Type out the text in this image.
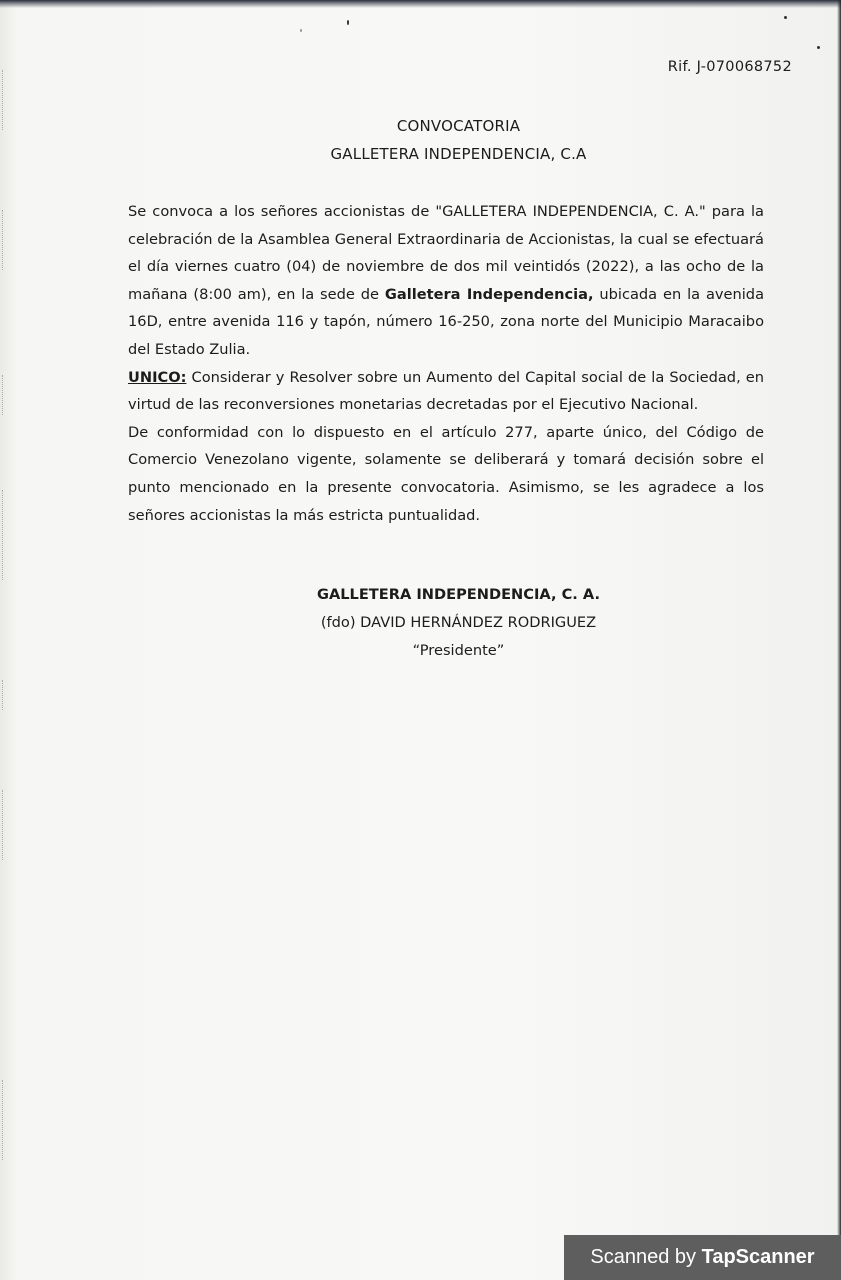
Rif. J-070068752
CONVOCATORIA
GALLETERA INDEPENDENCIA, C.A

Se convoca a los señores accionistas de "GALLETERA INDEPENDENCIA, C. A." para la celebración de la Asamblea General Extraordinaria de Accionistas, la cual se efectuará el día viernes cuatro (04) de noviembre de dos mil veintidós (2022), a las ocho de la mañana (8:00 am), en la sede de Galletera Independencia, ubicada en la avenida 16D, entre avenida 116 y tapón, número 16-250, zona norte del Municipio Maracaibo del Estado Zulia.

UNICO: Considerar y Resolver sobre un Aumento del Capital social de la Sociedad, en virtud de las reconversiones monetarias decretadas por el Ejecutivo Nacional.

De conformidad con lo dispuesto en el artículo 277, aparte único, del Código de Comercio Venezolano vigente, solamente se deliberará y tomará decisión sobre el punto mencionado en la presente convocatoria. Asimismo, se les agradece a los señores accionistas la más estricta puntualidad.

GALLETERA INDEPENDENCIA, C. A.
(fdo) DAVID HERNÁNDEZ RODRIGUEZ
“Presidente”
Scanned by TapScanner
